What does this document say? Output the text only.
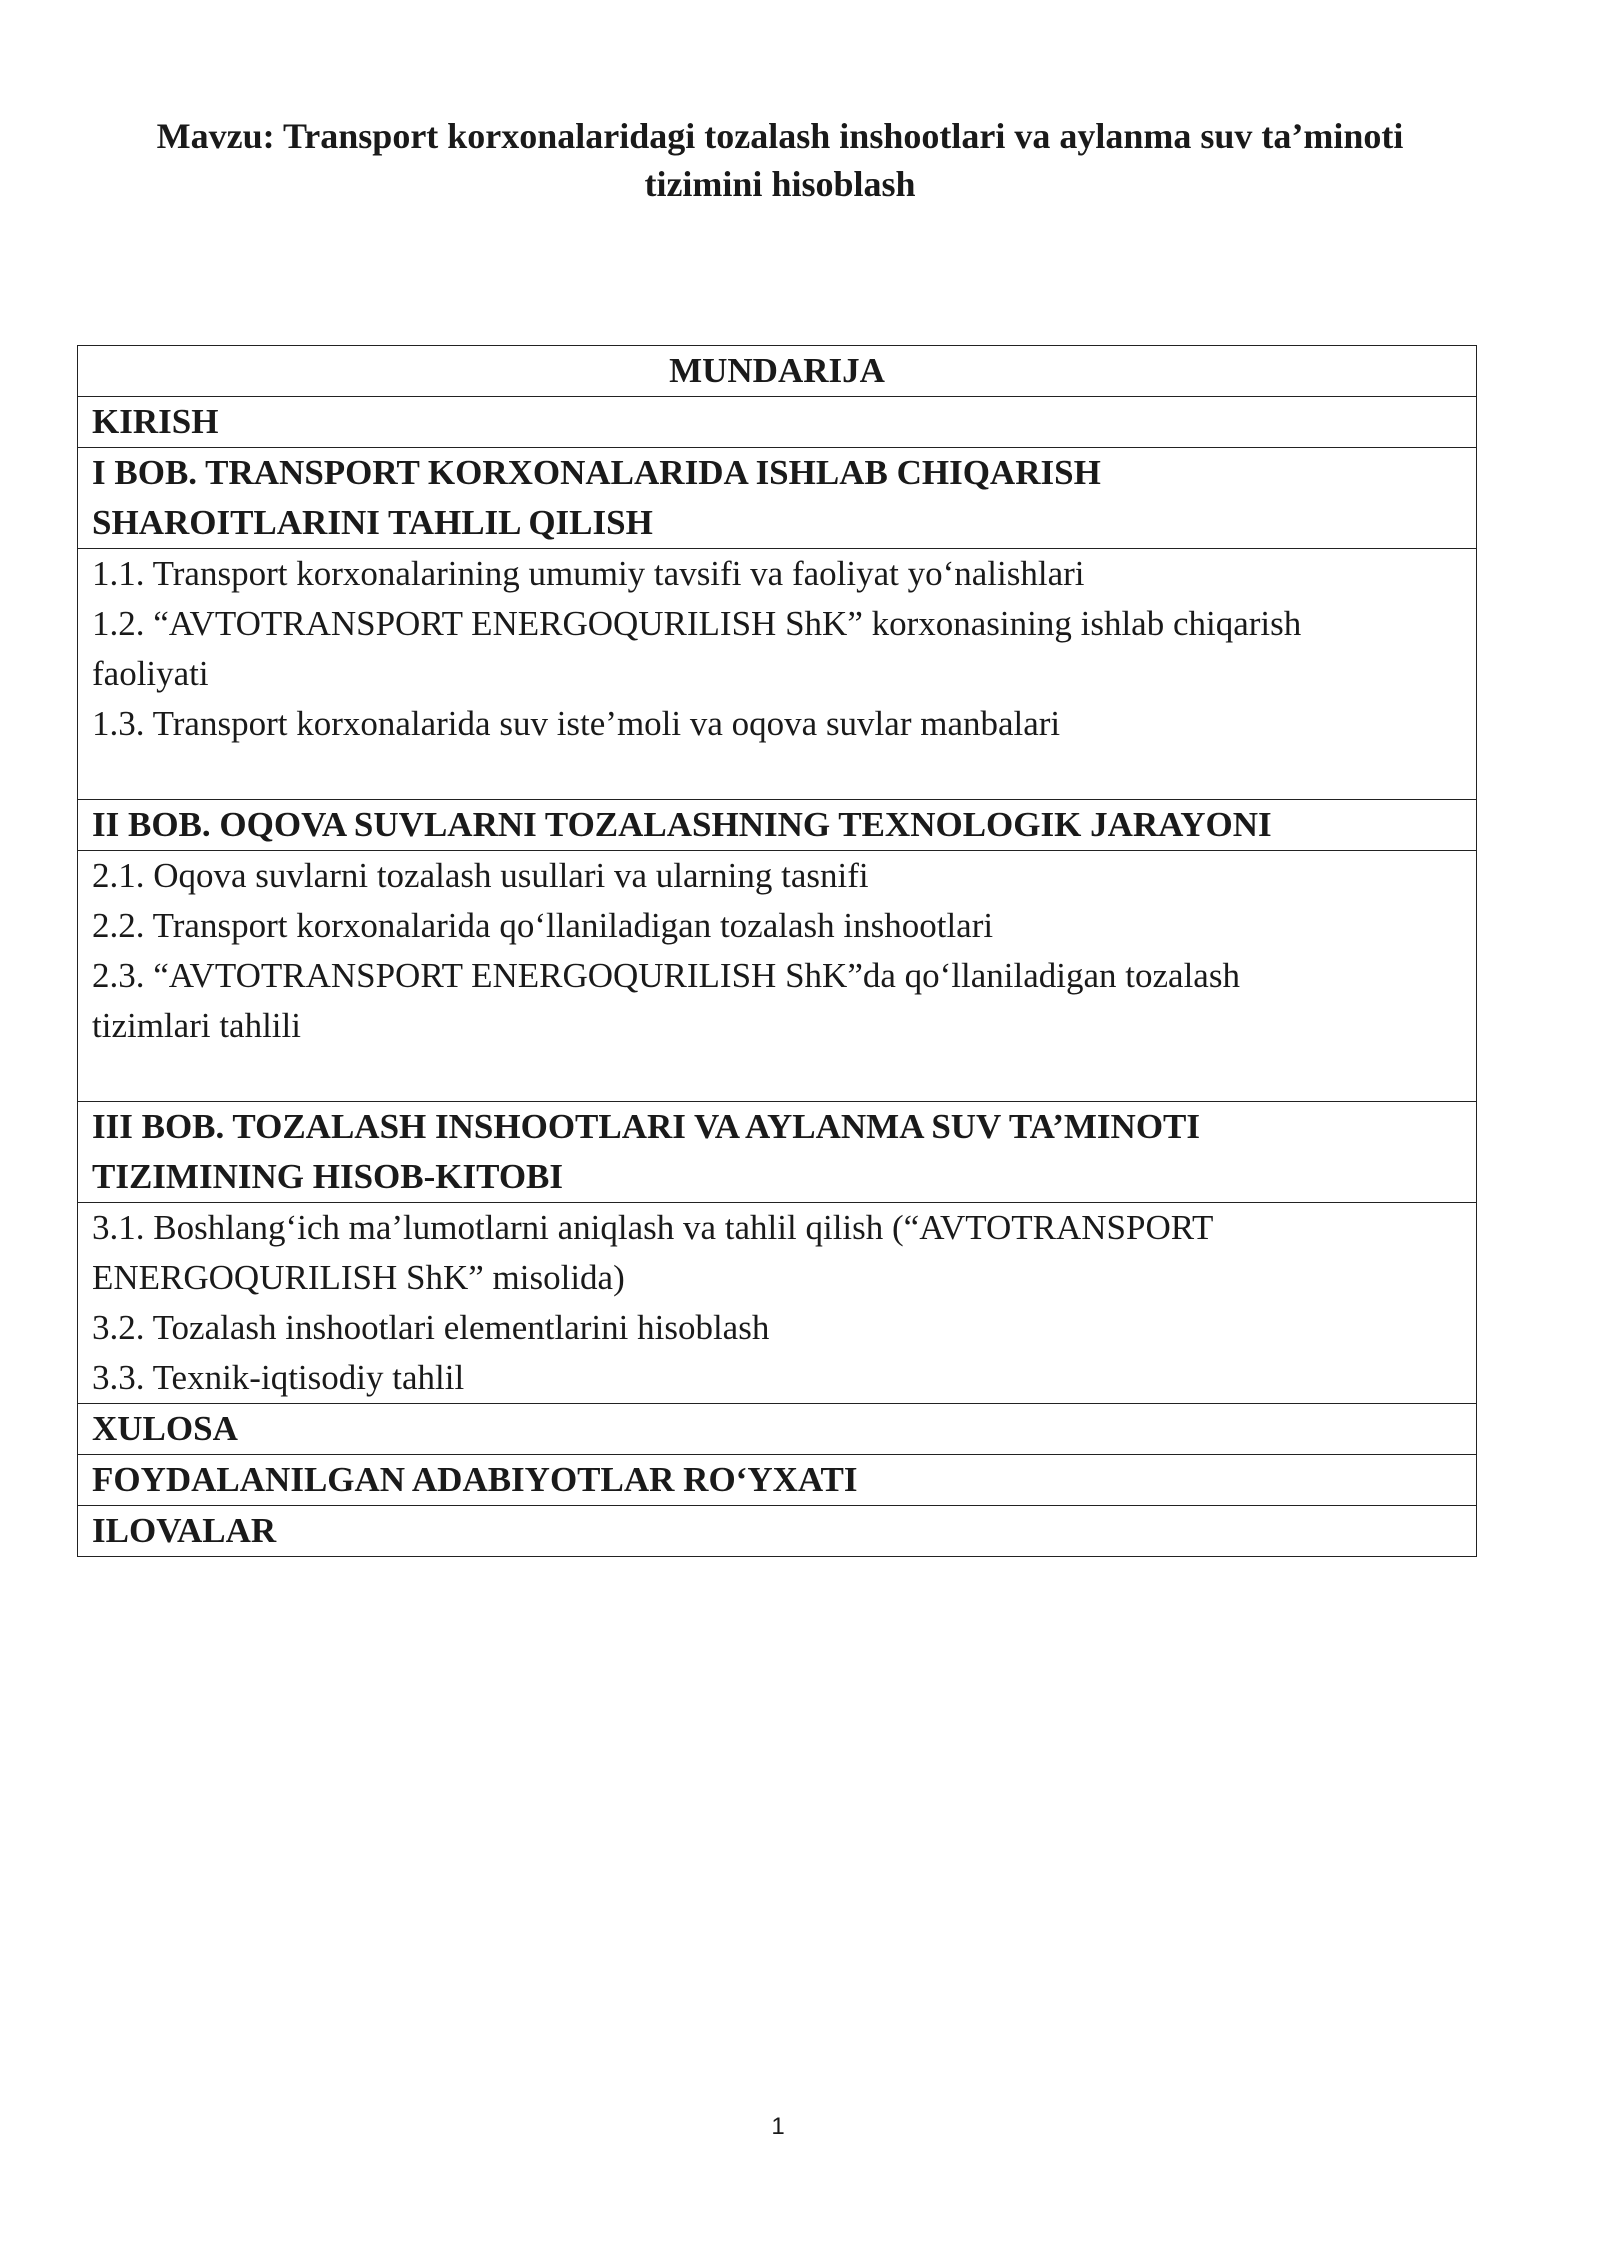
Mavzu: Transport korxonalaridagi tozalash inshootlari va aylanma suv ta’minoti
tizimini hisoblash
MUNDARIJA
KIRISH
I BOB. TRANSPORT KORXONALARIDA ISHLAB CHIQARISH
SHAROITLARINI TAHLIL QILISH
1.1. Transport korxonalarining umumiy tavsifi va faoliyat yo‘nalishlari
1.2. “AVTOTRANSPORT ENERGOQURILISH ShK” korxonasining ishlab chiqarish
faoliyati
1.3. Transport korxonalarida suv iste’moli va oqova suvlar manbalari
II BOB. OQOVA SUVLARNI TOZALASHNING TEXNOLOGIK JARAYONI
2.1. Oqova suvlarni tozalash usullari va ularning tasnifi
2.2. Transport korxonalarida qo‘llaniladigan tozalash inshootlari
2.3. “AVTOTRANSPORT ENERGOQURILISH ShK”da qo‘llaniladigan tozalash
tizimlari tahlili
III BOB. TOZALASH INSHOOTLARI VA AYLANMA SUV TA’MINOTI
TIZIMINING HISOB-KITOBI
3.1. Boshlang‘ich ma’lumotlarni aniqlash va tahlil qilish (“AVTOTRANSPORT
ENERGOQURILISH ShK” misolida)
3.2. Tozalash inshootlari elementlarini hisoblash
3.3. Texnik-iqtisodiy tahlil
XULOSA
FOYDALANILGAN ADABIYOTLAR RO‘YXATI
ILOVALAR
1
